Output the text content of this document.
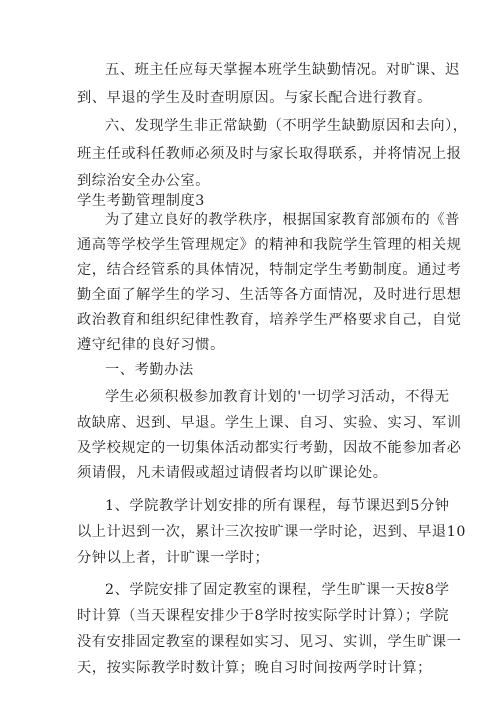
五、班主任应每天掌握本班学生缺勤情况。对旷课、迟
到、早退的学生及时查明原因。与家长配合进行教育。
六、发现学生非正常缺勤（不明学生缺勤原因和去向），
班主任或科任教师必须及时与家长取得联系，并将情况上报
到综治安全办公室。
学生考勤管理制度3
为了建立良好的教学秩序，根据国家教育部颁布的《普
通高等学校学生管理规定》的精神和我院学生管理的相关规
定，结合经管系的具体情况，特制定学生考勤制度。通过考
勤全面了解学生的学习、生活等各方面情况，及时进行思想
政治教育和组织纪律性教育，培养学生严格要求自己，自觉
遵守纪律的良好习惯。
一、考勤办法
学生必须积极参加教育计划的'一切学习活动，不得无
故缺席、迟到、早退。学生上课、自习、实验、实习、军训
及学校规定的一切集体活动都实行考勤，因故不能参加者必
须请假，凡未请假或超过请假者均以旷课论处。
1、学院教学计划安排的所有课程，每节课迟到5分钟
以上计迟到一次，累计三次按旷课一学时论，迟到、早退10
分钟以上者，计旷课一学时；
2、学院安排了固定教室的课程，学生旷课一天按8学
时计算（当天课程安排少于8学时按实际学时计算）；学院
没有安排固定教室的课程如实习、见习、实训，学生旷课一
天，按实际教学时数计算；晚自习时间按两学时计算；
